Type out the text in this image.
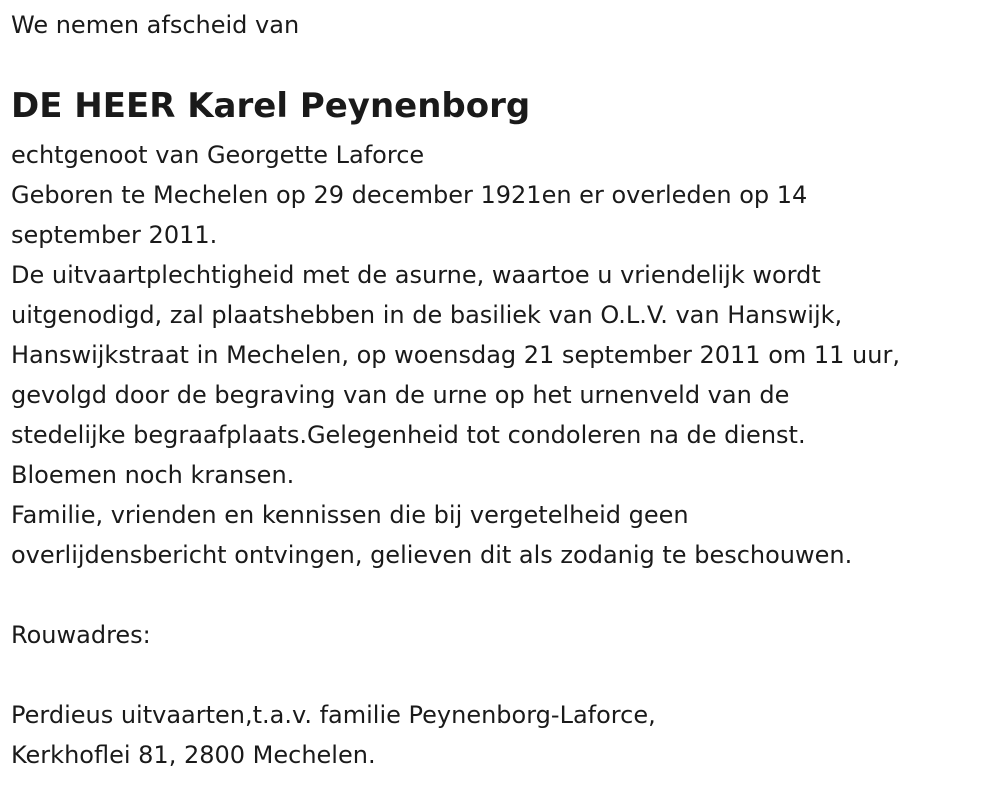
We nemen afscheid van

DE HEER Karel Peynenborg
echtgenoot van Georgette Laforce
Geboren te Mechelen op 29 december 1921en er overleden op 14
september 2011.
De uitvaartplechtigheid met de asurne, waartoe u vriendelijk wordt
uitgenodigd, zal plaatshebben in de basiliek van O.L.V. van Hanswijk,
Hanswijkstraat in Mechelen, op woensdag 21 september 2011 om 11 uur,
gevolgd door de begraving van de urne op het urnenveld van de
stedelijke begraafplaats.Gelegenheid tot condoleren na de dienst.
Bloemen noch kransen.
Familie, vrienden en kennissen die bij vergetelheid geen
overlijdensbericht ontvingen, gelieven dit als zodanig te beschouwen.
Rouwadres:
Perdieus uitvaarten,t.a.v. familie Peynenborg-Laforce,
Kerkhoflei 81, 2800 Mechelen.
